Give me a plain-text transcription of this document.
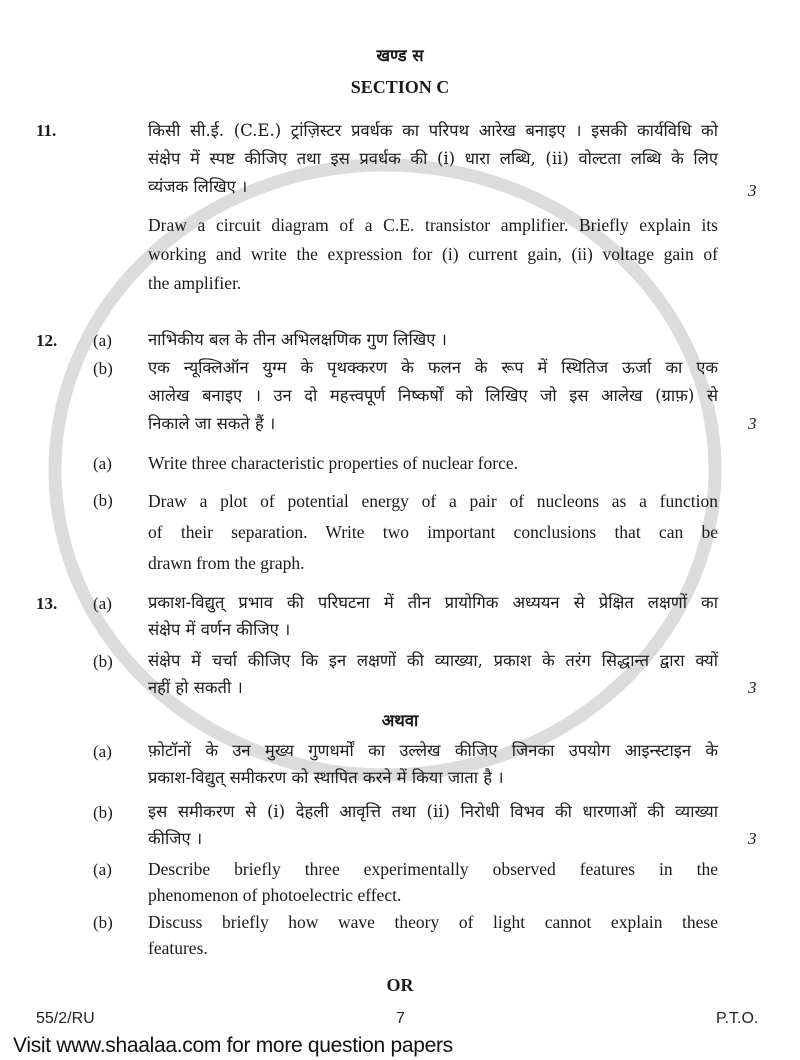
खण्ड स
SECTION C
11.	किसी सी.ई. (C.E.) ट्रांज़िस्टर प्रवर्धक का परिपथ आरेख बनाइए । इसकी कार्यविधि को
संक्षेप में स्पष्ट कीजिए तथा इस प्रवर्धक की (i) धारा लब्धि, (ii) वोल्टता लब्धि के लिए
व्यंजक लिखिए ।	3
Draw a circuit diagram of a C.E. transistor amplifier. Briefly explain its
working and write the expression for (i) current gain, (ii) voltage gain of
the amplifier.
12. (a) नाभिकीय बल के तीन अभिलक्षणिक गुण लिखिए ।
(b) एक न्यूक्लिऑन युग्म के पृथक्करण के फलन के रूप में स्थितिज ऊर्जा का एक
आलेख बनाइए । उन दो महत्त्वपूर्ण निष्कर्षों को लिखिए जो इस आलेख (ग्राफ़) से
निकाले जा सकते हैं ।	3
(a) Write three characteristic properties of nuclear force.
(b) Draw a plot of potential energy of a pair of nucleons as a function
of their separation. Write two important conclusions that can be
drawn from the graph.
13. (a) प्रकाश-विद्युत् प्रभाव की परिघटना में तीन प्रायोगिक अध्ययन से प्रेक्षित लक्षणों का
संक्षेप में वर्णन कीजिए ।
(b) संक्षेप में चर्चा कीजिए कि इन लक्षणों की व्याख्या, प्रकाश के तरंग सिद्धान्त द्वारा क्यों
नहीं हो सकती ।	3
अथवा
(a) फ़ोटॉनों के उन मुख्य गुणधर्मों का उल्लेख कीजिए जिनका उपयोग आइन्स्टाइन के
प्रकाश-विद्युत् समीकरण को स्थापित करने में किया जाता है ।
(b) इस समीकरण से (i) देहली आवृत्ति तथा (ii) निरोधी विभव की धारणाओं की व्याख्या
कीजिए ।	3
(a) Describe briefly three experimentally observed features in the
phenomenon of photoelectric effect.
(b) Discuss briefly how wave theory of light cannot explain these
features.
OR
55/2/RU	7	P.T.O.
Visit www.shaalaa.com for more question papers
